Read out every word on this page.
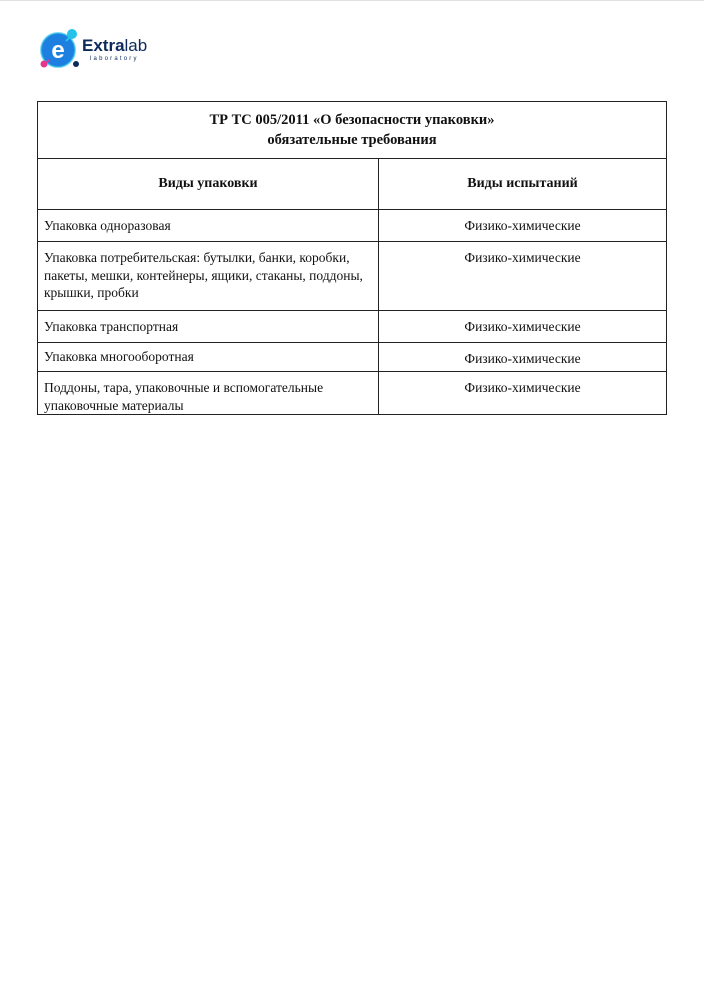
e Extralab
laboratory
ТР ТС 005/2011 «О безопасности упаковки»
обязательные требования	

Виды упаковки	Виды испытаний
Упаковка одноразовая	Физико-химические
Упаковка потребительская: бутылки, банки, коробки, пакеты, мешки, контейнеры, ящики, стаканы, поддоны, крышки, пробки	Физико-химические
Упаковка транспортная	Физико-химические
Упаковка многооборотная	Физико-химические
Поддоны, тара, упаковочные и вспомогательные упаковочные материалы	Физико-химические
